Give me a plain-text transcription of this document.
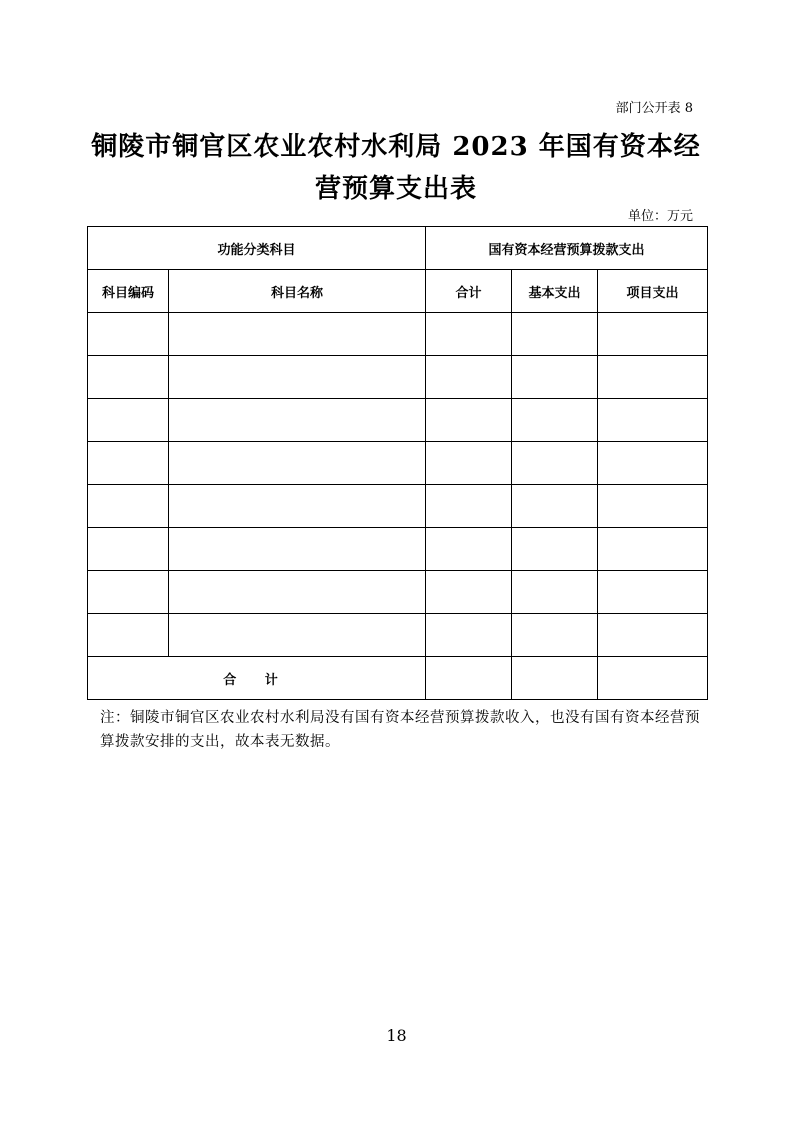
部门公开表 8
铜陵市铜官区农业农村水利局 2023 年国有资本经
营预算支出表
单位：万元
功能分类科目		国有资本经营预算拨款支出		
科目编码	科目名称	合计	基本支出	项目支出

合 计				
注：铜陵市铜官区农业农村水利局没有国有资本经营预算拨款收入，也没有国有资本经营预算拨款安排的支出，故本表无数据。
18
